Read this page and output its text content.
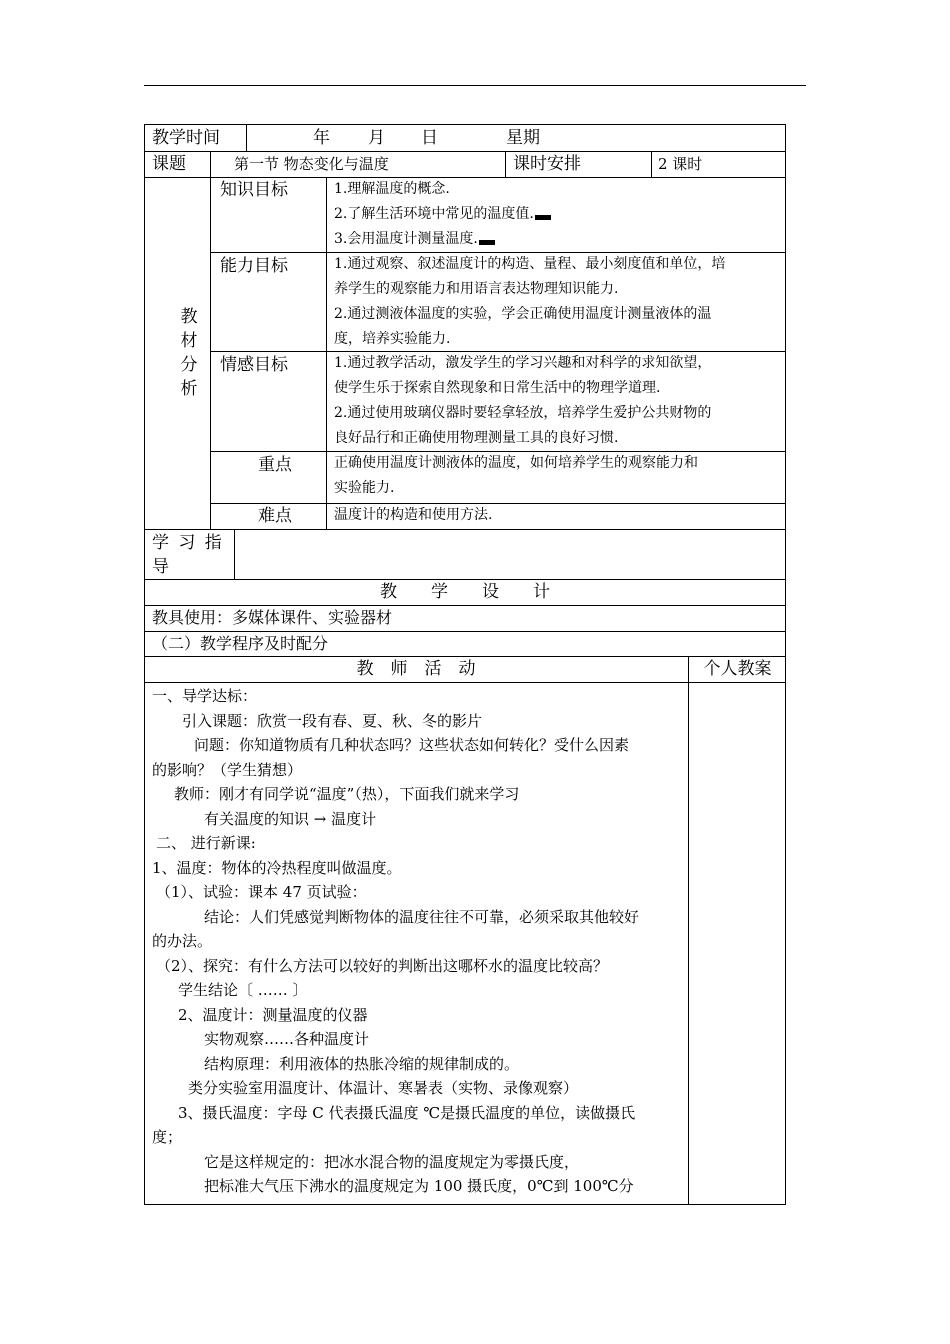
教学时间	年 月 日	星期
课题	第一节 物态变化与温度	课时安排	2 课时
教
材
分
析
知识目标	1.理解温度的概念.
2.了解生活环境中常见的温度值.
3.会用温度计测量温度.
能力目标	1.通过观察、叙述温度计的构造、量程、最小刻度值和单位，培
养学生的观察能力和用语言表达物理知识能力.
2.通过测液体温度的实验，学会正确使用温度计测量液体的温
度，培养实验能力.
情感目标	1.通过教学活动，激发学生的学习兴趣和对科学的求知欲望，
使学生乐于探索自然现象和日常生活中的物理学道理.
2.通过使用玻璃仪器时要轻拿轻放，培养学生爱护公共财物的
良好品行和正确使用物理测量工具的良好习惯.
重点	正确使用温度计测液体的温度，如何培养学生的观察能力和
实验能力.
难点	温度计的构造和使用方法.
学 习 指
导
教　　学　　设　　计
教具使用：多媒体课件、实验器材
（二）教学程序及时配分
教　师　活　动	个人教案
一、导学达标：
引入课题：欣赏一段有春、夏、秋、冬的影片
问题：你知道物质有几种状态吗？这些状态如何转化？受什么因素
的影响？（学生猜想）
教师：刚才有同学说“温度”（热），下面我们就来学习
有关温度的知识 → 温度计
二、 进行新课:
1、温度：物体的冷热程度叫做温度。
（1）、试验：课本 47 页试验：
结论：人们凭感觉判断物体的温度往往不可靠，必须采取其他较好
的办法。
（2）、探究：有什么方法可以较好的判断出这哪杯水的温度比较高？
学生结论〔 …… 〕
2、温度计：测量温度的仪器
实物观察……各种温度计
结构原理：利用液体的热胀冷缩的规律制成的。
类分实验室用温度计、体温计、寒暑表（实物、录像观察）
3、摄氏温度：字母 C 代表摄氏温度 ℃是摄氏温度的单位，读做摄氏
度；
它是这样规定的：把冰水混合物的温度规定为零摄氏度，
把标准大气压下沸水的温度规定为 100 摄氏度，0℃到 100℃分
